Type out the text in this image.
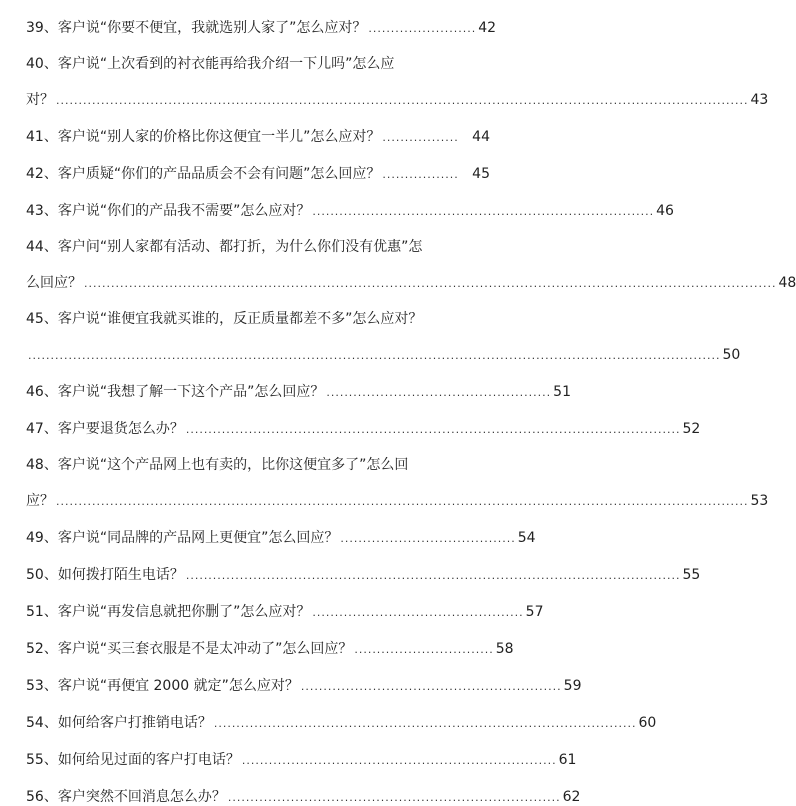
39、客户说“你要不便宜，我就选别人家了”怎么应对？ ........................ 42
40、客户说“上次看到的衬衣能再给我介绍一下儿吗”怎么应
对？ .......................................................................................................................................................... 43
41、客户说“别人家的价格比你这便宜一半儿”怎么应对？ ................. 44
42、客户质疑“你们的产品品质会不会有问题”怎么回应？ ................. 45
43、客户说“你们的产品我不需要”怎么应对？ ............................................................................ 46
44、客户问“别人家都有活动、都打折，为什么你们没有优惠”怎
么回应？ .......................................................................................................................................................... 48
45、客户说“谁便宜我就买谁的，反正质量都差不多”怎么应对？
.......................................................................................................................................................... 50
46、客户说“我想了解一下这个产品”怎么回应？ .................................................. 51
47、客户要退货怎么办？ .............................................................................................................. 52
48、客户说“这个产品网上也有卖的，比你这便宜多了”怎么回
应？ .......................................................................................................................................................... 53
49、客户说“同品牌的产品网上更便宜”怎么回应？ ....................................... 54
50、如何拨打陌生电话？ .............................................................................................................. 55
51、客户说“再发信息就把你删了”怎么应对？ ............................................... 57
52、客户说“买三套衣服是不是太冲动了”怎么回应？ ............................... 58
53、客户说“再便宜 2000 就定”怎么应对？ .......................................................... 59
54、如何给客户打推销电话？ .............................................................................................. 60
55、如何给见过面的客户打电话？ ...................................................................... 61
56、客户突然不回消息怎么办？ .......................................................................... 62
